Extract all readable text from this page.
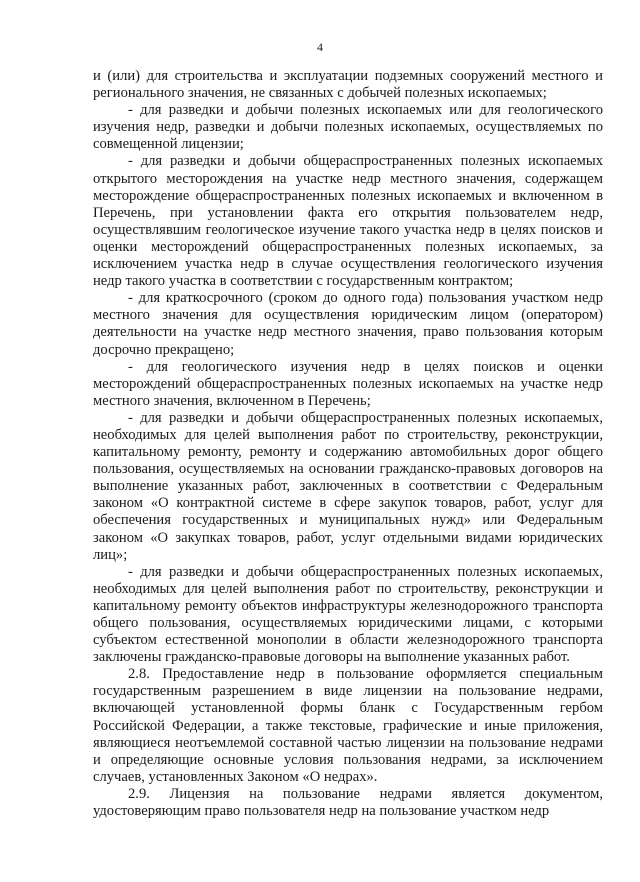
4

и (или) для строительства и эксплуатации подземных сооружений местного и регионального значения, не связанных с добычей полезных ископаемых;

- для разведки и добычи полезных ископаемых или для геологического изучения недр, разведки и добычи полезных ископаемых, осуществляемых по совмещенной лицензии;

- для разведки и добычи общераспространенных полезных ископаемых открытого месторождения на участке недр местного значения, содержащем месторождение общераспространенных полезных ископаемых и включенном в Перечень, при установлении факта его открытия пользователем недр, осуществлявшим геологическое изучение такого участка недр в целях поисков и оценки месторождений общераспространенных полезных ископаемых, за исключением участка недр в случае осуществления геологического изучения недр такого участка в соответствии с государственным контрактом;

- для краткосрочного (сроком до одного года) пользования участком недр местного значения для осуществления юридическим лицом (оператором) деятельности на участке недр местного значения, право пользования которым досрочно прекращено;

- для геологического изучения недр в целях поисков и оценки месторождений общераспространенных полезных ископаемых на участке недр местного значения, включенном в Перечень;

- для разведки и добычи общераспространенных полезных ископаемых, необходимых для целей выполнения работ по строительству, реконструкции, капитальному ремонту, ремонту и содержанию автомобильных дорог общего пользования, осуществляемых на основании гражданско-правовых договоров на выполнение указанных работ, заключенных в соответствии с Федеральным законом «О контрактной системе в сфере закупок товаров, работ, услуг для обеспечения государственных и муниципальных нужд» или Федеральным законом «О закупках товаров, работ, услуг отдельными видами юридических лиц»;

- для разведки и добычи общераспространенных полезных ископаемых, необходимых для целей выполнения работ по строительству, реконструкции и капитальному ремонту объектов инфраструктуры железнодорожного транспорта общего пользования, осуществляемых юридическими лицами, с которыми субъектом естественной монополии в области железнодорожного транспорта заключены гражданско-правовые договоры на выполнение указанных работ.

2.8. Предоставление недр в пользование оформляется специальным государственным разрешением в виде лицензии на пользование недрами, включающей установленной формы бланк с Государственным гербом Российской Федерации, а также текстовые, графические и иные приложения, являющиеся неотъемлемой составной частью лицензии на пользование недрами и определяющие основные условия пользования недрами, за исключением случаев, установленных Законом «О недрах».

2.9. Лицензия на пользование недрами является документом, удостоверяющим право пользователя недр на пользование участком недр
